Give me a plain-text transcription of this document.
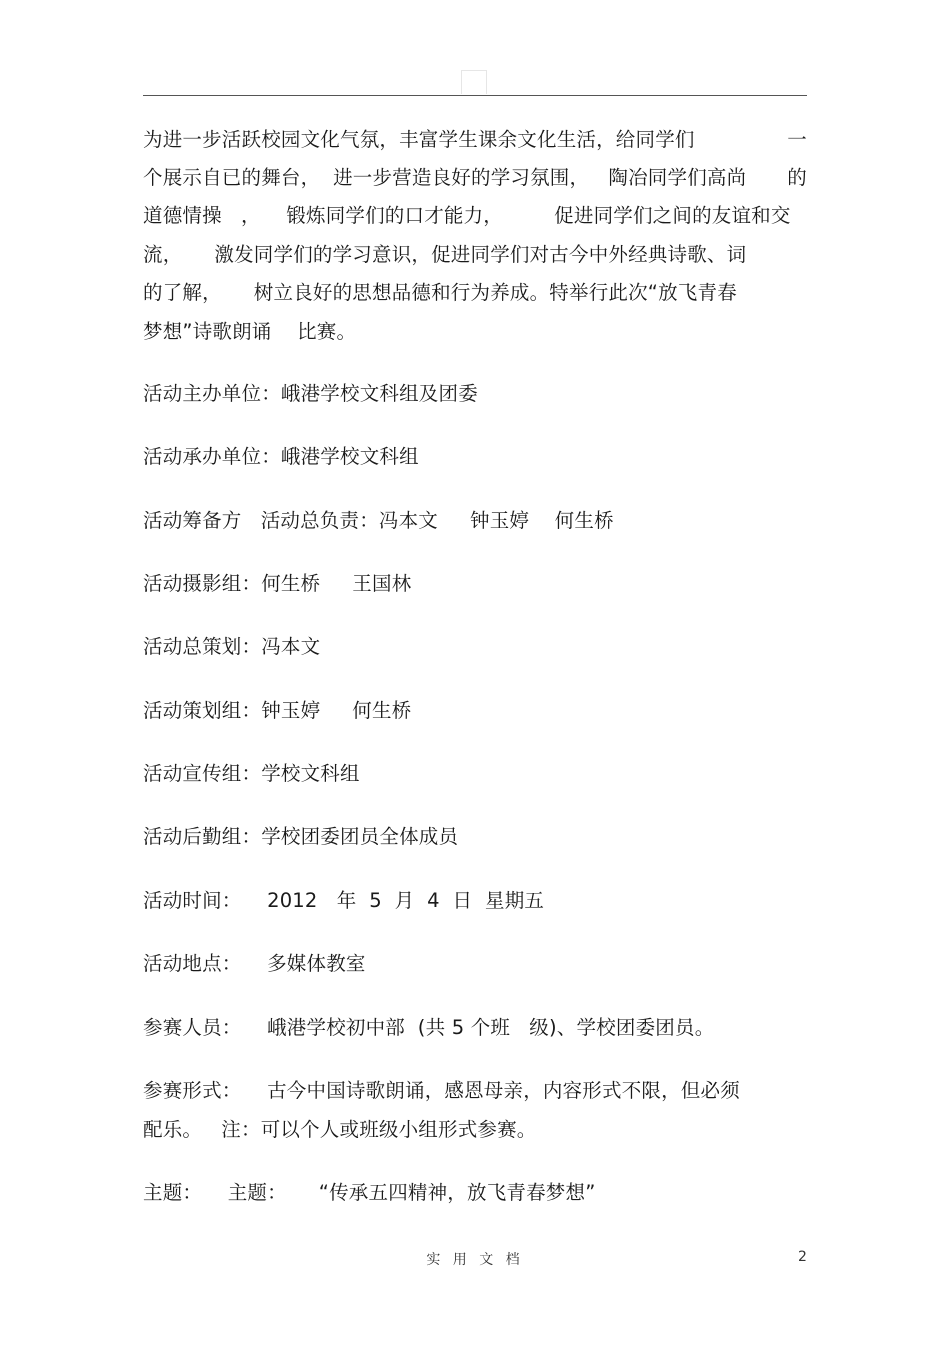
为进一步活跃校园文化气氛，丰富学生课余文化生活，给同学们	一
个展示自已的舞台，  进一步营造良好的学习氛围，   陶冶同学们高尚 的
道德情操   ，    锻炼同学们的口才能力，        促进同学们之间的友谊和交
流，     激发同学们的学习意识，促进同学们对古今中外经典诗歌、词
的了解，     树立良好的思想品德和行为养成。特举行此次“放飞青春
梦想”诗歌朗诵    比赛。
活动主办单位：峨港学校文科组及团委
活动承办单位：峨港学校文科组
活动筹备方   活动总负责：冯本文     钟玉婷    何生桥
活动摄影组：何生桥     王国林
活动总策划：冯本文
活动策划组：钟玉婷     何生桥
活动宣传组：学校文科组
活动后勤组：学校团委团员全体成员
活动时间：    2012   年  5  月  4  日  星期五
活动地点：    多媒体教室
参赛人员：    峨港学校初中部  (共 5 个班   级)、学校团委团员。
参赛形式：    古今中国诗歌朗诵，感恩母亲，内容形式不限，但必须
配乐。   注：可以个人或班级小组形式参赛。
主题：    主题：     “传承五四精神，放飞青春梦想”
实 用 文 档	2
